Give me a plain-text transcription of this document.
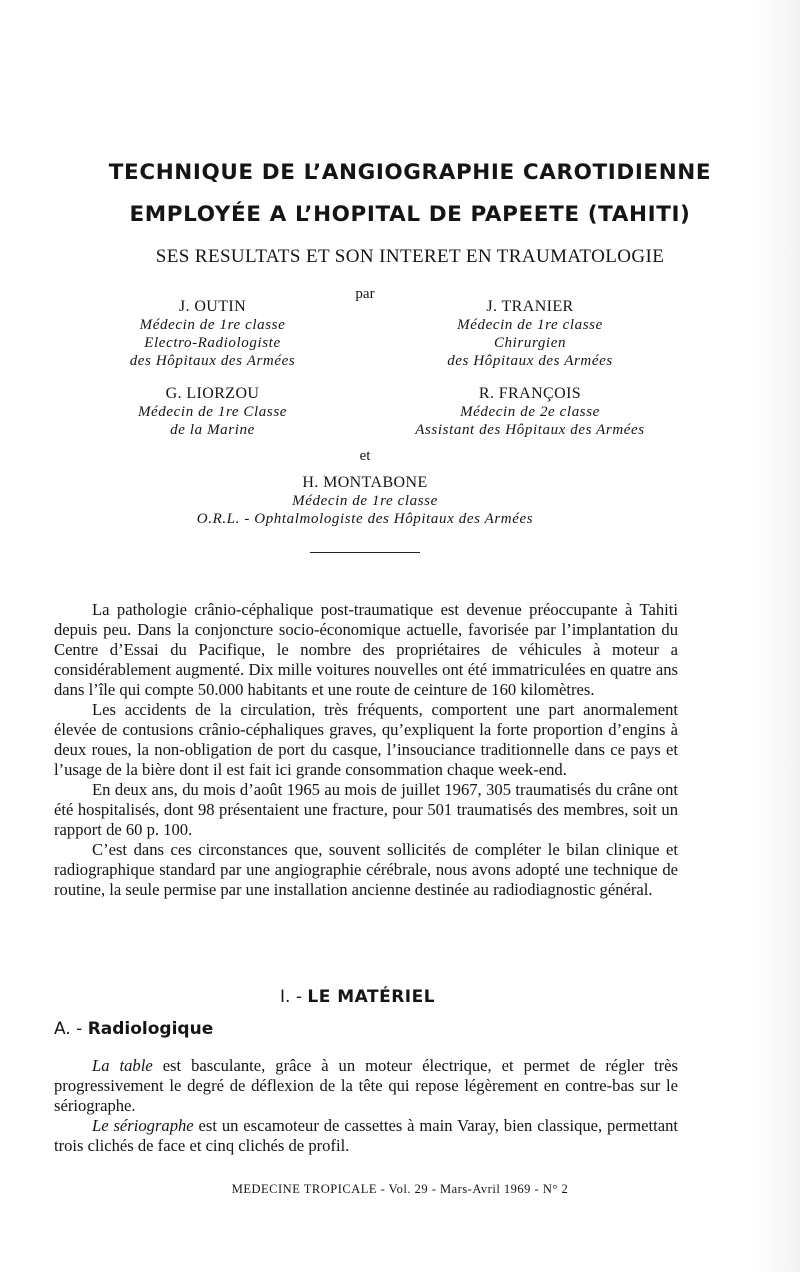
TECHNIQUE DE L’ANGIOGRAPHIE CAROTIDIENNE
EMPLOYÉE A L’HOPITAL DE PAPEETE (TAHITI)
SES RESULTATS ET SON INTERET EN TRAUMATOLOGIE
par
J. OUTIN
Médecin de 1re classe
Electro-Radiologiste
des Hôpitaux des Armées
J. TRANIER
Médecin de 1re classe
Chirurgien
des Hôpitaux des Armées
G. LIORZOU
Médecin de 1re Classe
de la Marine
R. FRANÇOIS
Médecin de 2e classe
Assistant des Hôpitaux des Armées
et
H. MONTABONE
Médecin de 1re classe
O.R.L. - Ophtalmologiste des Hôpitaux des Armées

La pathologie crânio-céphalique post-traumatique est devenue préoccupante à Tahiti depuis peu. Dans la conjoncture socio-économique actuelle, favorisée par l’implantation du Centre d’Essai du Pacifique, le nombre des propriétaires de véhicules à moteur a considérablement augmenté. Dix mille voitures nouvelles ont été immatriculées en quatre ans dans l’île qui compte 50.000 habitants et une route de ceinture de 160 kilomètres.

Les accidents de la circulation, très fréquents, comportent une part anormalement élevée de contusions crânio-céphaliques graves, qu’expliquent la forte proportion d’engins à deux roues, la non-obligation de port du casque, l’insouciance traditionnelle dans ce pays et l’usage de la bière dont il est fait ici grande consommation chaque week-end.

En deux ans, du mois d’août 1965 au mois de juillet 1967, 305 traumatisés du crâne ont été hospitalisés, dont 98 présentaient une fracture, pour 501 traumatisés des membres, soit un rapport de 60 p. 100.

C’est dans ces circonstances que, souvent sollicités de compléter le bilan clinique et radiographique standard par une angiographie cérébrale, nous avons adopté une technique de routine, la seule permise par une installation ancienne destinée au radiodiagnostic général.

I. - LE MATÉRIEL
A. - Radiologique

La table est basculante, grâce à un moteur électrique, et permet de régler très progressivement le degré de déflexion de la tête qui repose légèrement en contre-bas sur le sériographe.

Le sériographe est un escamoteur de cassettes à main Varay, bien classique, permettant trois clichés de face et cinq clichés de profil.

MEDECINE TROPICALE - Vol. 29 - Mars-Avril 1969 - N° 2
